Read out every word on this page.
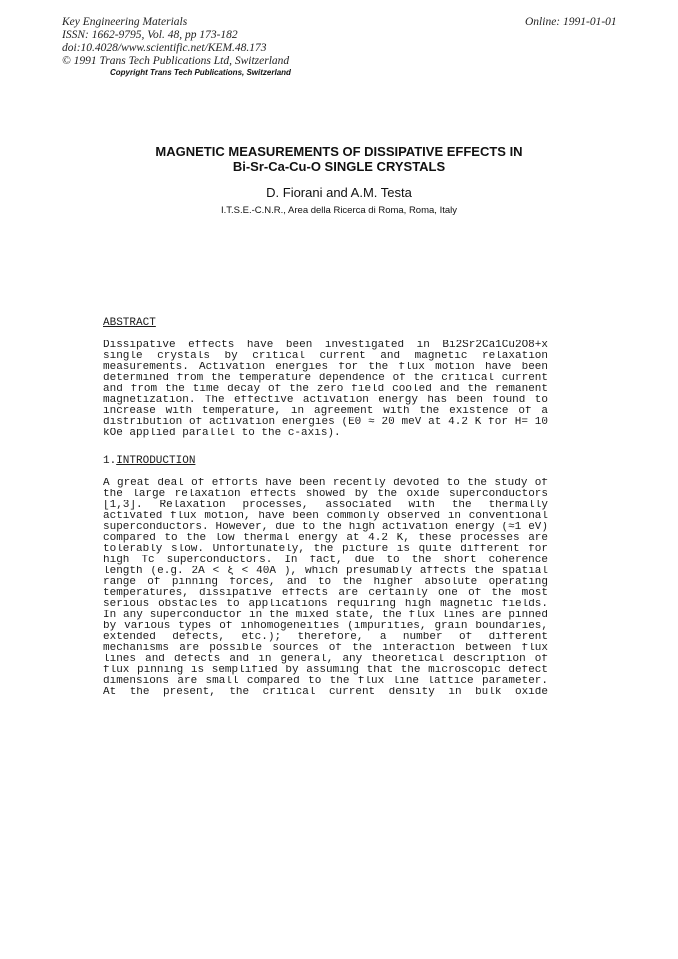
Key Engineering Materials
ISSN: 1662-9795, Vol. 48, pp 173-182
doi:10.4028/www.scientific.net/KEM.48.173
© 1991 Trans Tech Publications Ltd, Switzerland
Online: 1991-01-01
Copyright Trans Tech Publications, Switzerland
MAGNETIC MEASUREMENTS OF DISSIPATIVE EFFECTS IN
Bi-Sr-Ca-Cu-O SINGLE CRYSTALS
D. Fiorani and A.M. Testa
I.T.S.E.-C.N.R., Area della Ricerca di Roma, Roma, Italy
ABSTRACT
Dissipative effects have been investigated in Bi2Sr2Ca1Cu2O8+x
single crystals by critical current and magnetic relaxation
measurements. Activation energies for the flux motion have been
determined from the temperature dependence of the critical current
and from the time decay of the zero field cooled and the remanent
magnetization. The effective activation energy has been found to
increase with temperature, in agreement with the existence of a
distribution of activation energies (E0 ≈ 20 meV at 4.2 K for H= 10
kOe applied parallel to the c-axis).
1.INTRODUCTION
A great deal of efforts have been recently devoted to the study of
the large relaxation effects showed by the oxide superconductors
[1,3]. Relaxation processes, associated with the thermally
activated flux motion, have been commonly observed in conventional
superconductors. However, due to the high activation energy (≈1 eV)
compared to the low thermal energy at 4.2 K, these processes are
tolerably slow. Unfortunately, the picture is quite different for
high Tc superconductors. In fact, due to the short coherence
length (e.g. 2Å < ξ < 40Å ), which presumably affects the spatial
range of pinning forces, and to the higher absolute operating
temperatures, dissipative effects are certainly one of the most
serious obstacles to applications requiring high magnetic fields.
In any superconductor in the mixed state, the flux lines are pinned
by various types of inhomogeneities (impurities, grain boundaries,
extended defects, etc.); therefore, a number of different
mechanisms are possible sources of the interaction between flux
lines and defects and in general, any theoretical description of
flux pinning is semplified by assuming that the microscopic defect
dimensions are small compared to the flux line lattice parameter.
At the present, the critical current density in bulk oxide
